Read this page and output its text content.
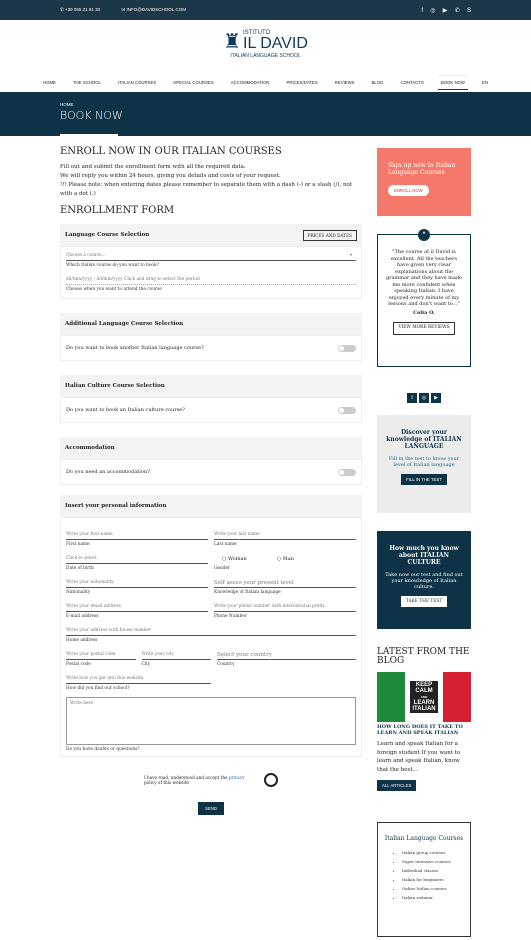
✆ +39 055 21 61 30	✉ INFO@DAVIDSCHOOL.COM	f ◎ ▶ ✆ S
♜ ISTITUTO
IL DAVID
ITALIAN LANGUAGE SCHOOL
HOME	THE SCHOOL	ITALIAN COURSES	SPECIAL COURSES	ACCOMMODATION	PRICES/DATES	REVIEWS	BLOG	CONTACTS	BOOK NOW	EN
HOME
BOOK NOW
ENROLL NOW IN OUR ITALIAN COURSES
Fill out and submit the enrollment form with all the required data.
We will reply you within 24 hours, giving you details and costs of your request.
!!! Please note: when entering dates please remember to separate them with a dash (-) or a slash (/), not with a dot (.)
ENROLLMENT FORM
Language Course Selection	PRICES AND DATES
Choose a course...	▾
Which Italian course do you want to book?
dd/mm/yyyy - dd/mm/yyyy Click and drag to select the period
Choose when you want to attend the course
Additional Language Course Selection
Do you want to book another Italian language course?
Italian Culture Course Selection
Do you want to book an Italian culture course?
Accommodation
Do you need an accommodation?
Insert your personal information
Write your first name
First name
Write your last name
Last name
Click to select
Date of birth
○ Woman	○ Man
Gender
Write your nationality
Nationality
Self asses your present level
Knowledge of Italian language
Write your email address
E-mail address
Write your phone number with international prefix
Phone Number
Write your address with house number
Home address
Write your postal code
Postal code
Write your city
City
Select your country
Country
Write how you got into this website
How did you find our school?
Write here
Do you have doubts or questions?
I have read, understood and accept the privacy policy of this website
SEND
Sign up now to Italian Language Courses
ENROLL NOW
❝
"The course at il David is excellent. All the teachers have given very clear explanations about the grammar and they have made me more confident when speaking Italian. I have enjoyed every minute of my lessons and don't want to..."
Celia O.
VIEW MORE REVIEWS
f ◎ ▶
Discover your knowledge of ITALIAN LANGUAGE
Fill in the test to know your level of Italian language
FILL IN THE TEST
How much you know about ITALIAN CULTURE
Take now our test and find out your knowledge of Italian culture.
TAKE THE TEST
LATEST FROM THE BLOG
KEEP
CALM
AND
LEARN
ITALIAN
HOW LONG DOES IT TAKE TO LEARN AND SPEAK ITALIAN
Learn and speak Italian for a foreign student If you want to learn and speak Italian, know that the best...
ALL ARTICLES
Italian Language Courses
• Italian group courses
• Super intensive courses
• Individual classes
• Italian for beginners
• Online Italian courses
• Italian webinar
